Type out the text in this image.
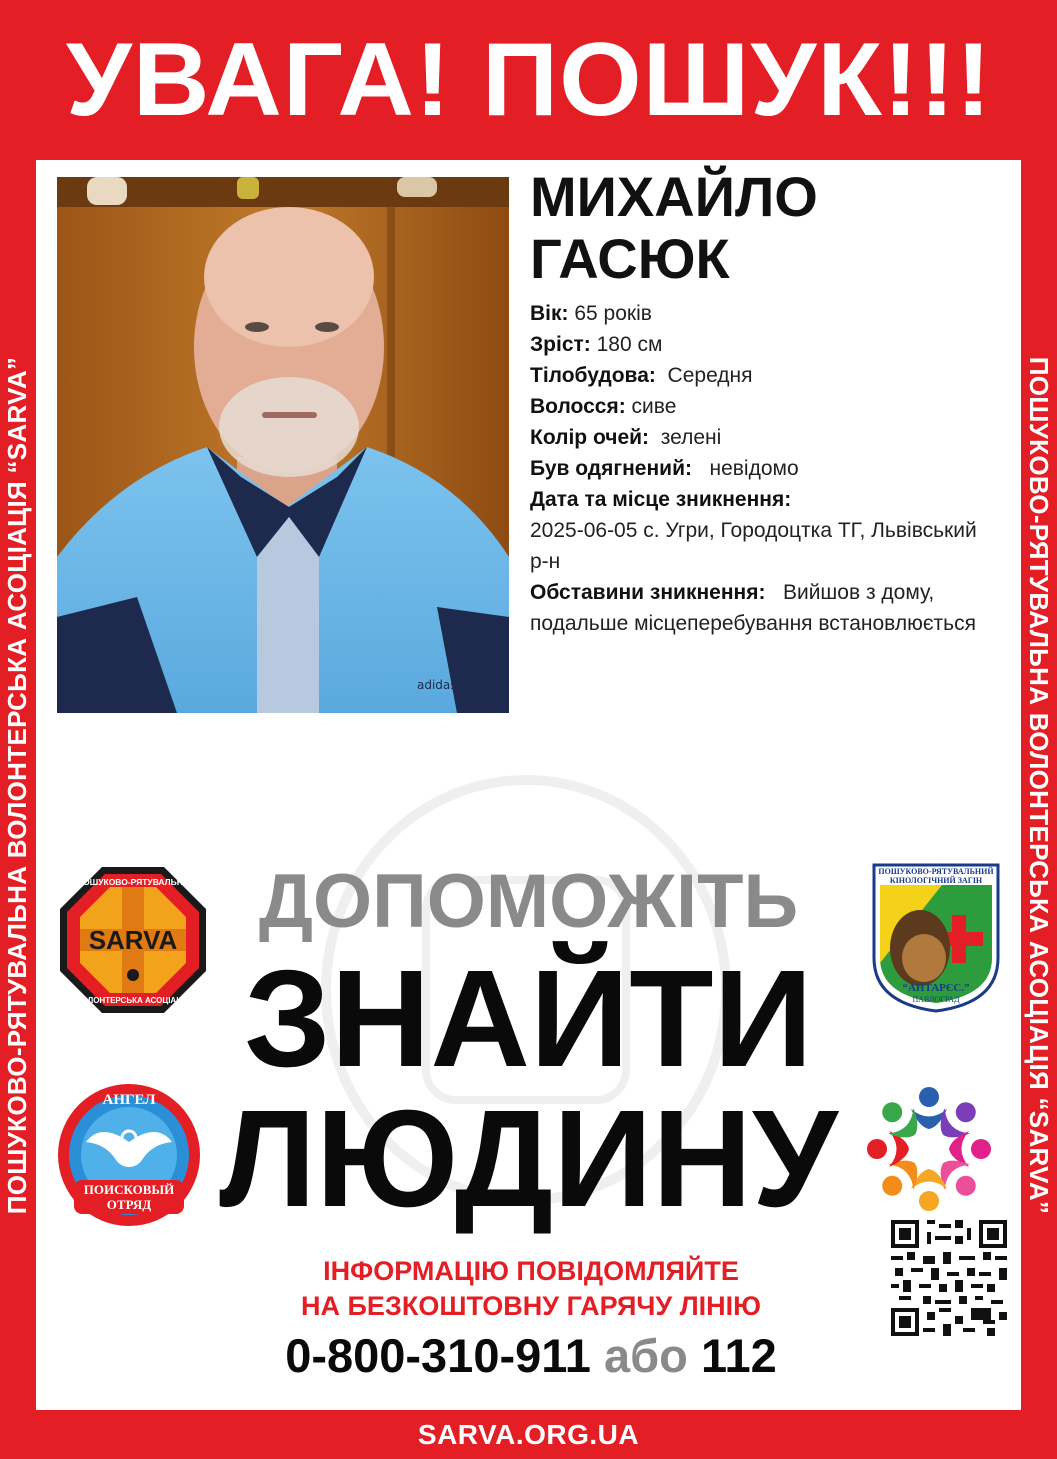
УВАГА! ПОШУК!!!
ПОШУКОВО-РЯТУВАЛЬНА ВОЛОНТЕРСЬКА АСОЦІАЦІЯ “SARVA”	ПОШУКОВО-РЯТУВАЛЬНА ВОЛОНТЕРСЬКА АСОЦІАЦІЯ “SARVA”
adidas
МИХАЙЛО
ГАСЮК
Вік: 65 років
Зріст: 180 см
Тілобудова: Середня
Волосся: сиве
Колір очей: зелені
Був одягнений: невідомо
Дата та місце зникнення:
2025-06-05 с. Угри, Городоцтка ТГ, Львівський р-н
Обставини зникнення: Вийшов з дому, подальше місцеперебування встановлюється
ДОПОМОЖІТЬ
ЗНАЙТИ
ЛЮДИНУ
SARVA
ПОШУКОВО-РЯТУВАЛЬНА
ВОЛОНТЕРСЬКА АСОЦІАЦІЯ
ПОШУКОВО-РЯТУВАЛЬНИЙ
КІНОЛОГІЧНИЙ ЗАГІН
“АНТАРЄС.”
ПАВЛОГРАД
АНГЕЛ
ПОИСКОВЫЙ
ОТРЯД
ІНФОРМАЦІЮ ПОВІДОМЛЯЙТЕ
НА БЕЗКОШТОВНУ ГАРЯЧУ ЛІНІЮ
0-800-310-911 або 112
SARVA.ORG.UA
